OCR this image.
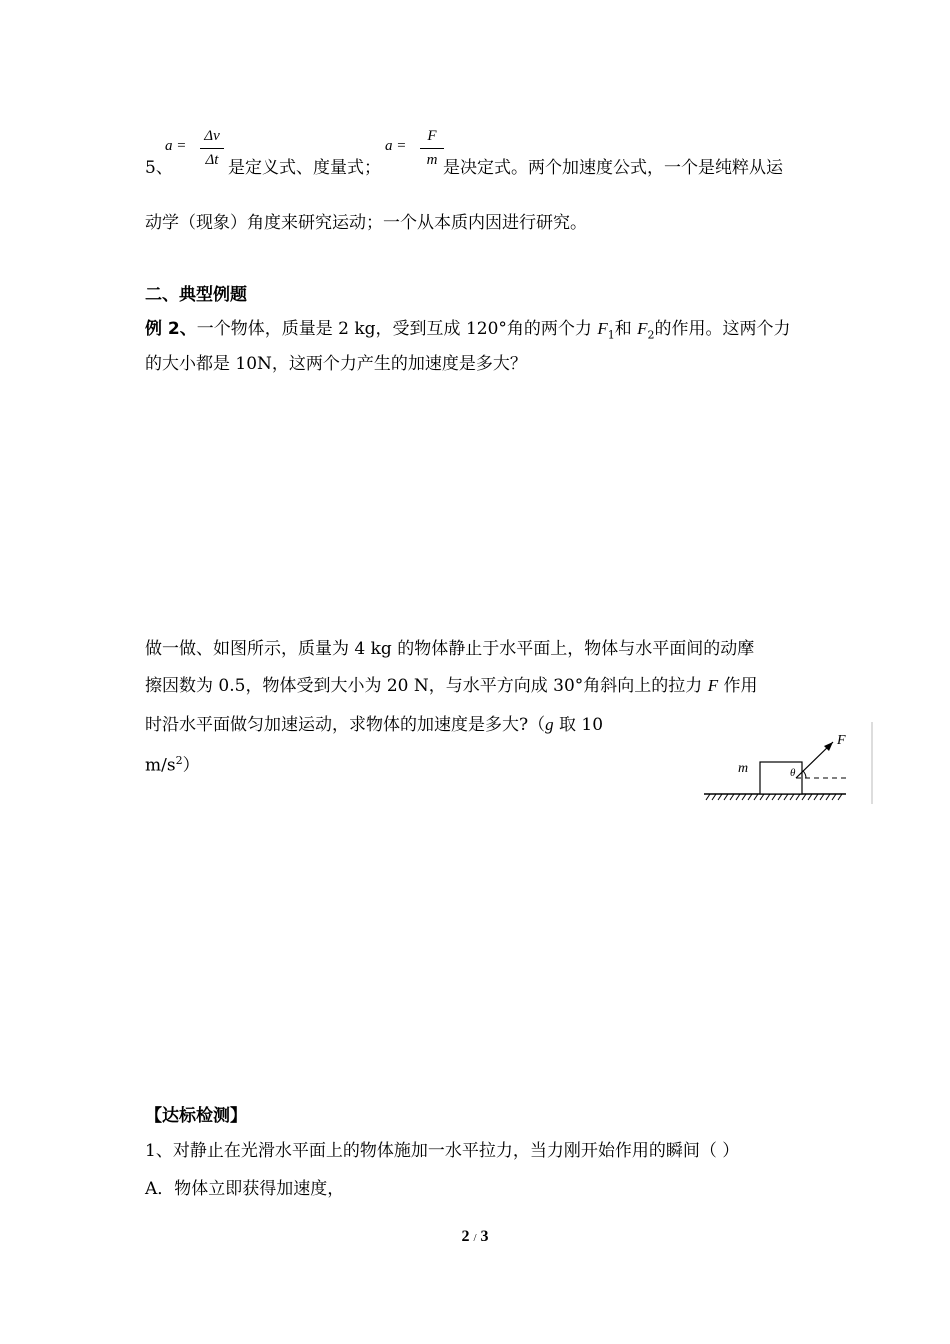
5、
a =
Δv
Δt 是定义式、度量式；
a =
F
m 是决定式。两个加速度公式，一个是纯粹从运
动学（现象）角度来研究运动；一个从本质内因进行研究。
二、典型例题
例 2、一个物体，质量是 2 kg，受到互成 120°角的两个力 $F_1$和 $F_2$的作用。这两个力
的大小都是 10N，这两个力产生的加速度是多大？
做一做、如图所示，质量为 4 kg 的物体静止于水平面上，物体与水平面间的动摩
擦因数为 0.5，物体受到大小为 20 N，与水平方向成 30°角斜向上的拉力 F 作用
时沿水平面做匀加速运动，求物体的加速度是多大?（g 取 10
$m/s^2$）	m
F
θ
【达标检测】
1、对静止在光滑水平面上的物体施加一水平拉力，当力刚开始作用的瞬间（ ）
A．物体立即获得加速度，
2 / 3
